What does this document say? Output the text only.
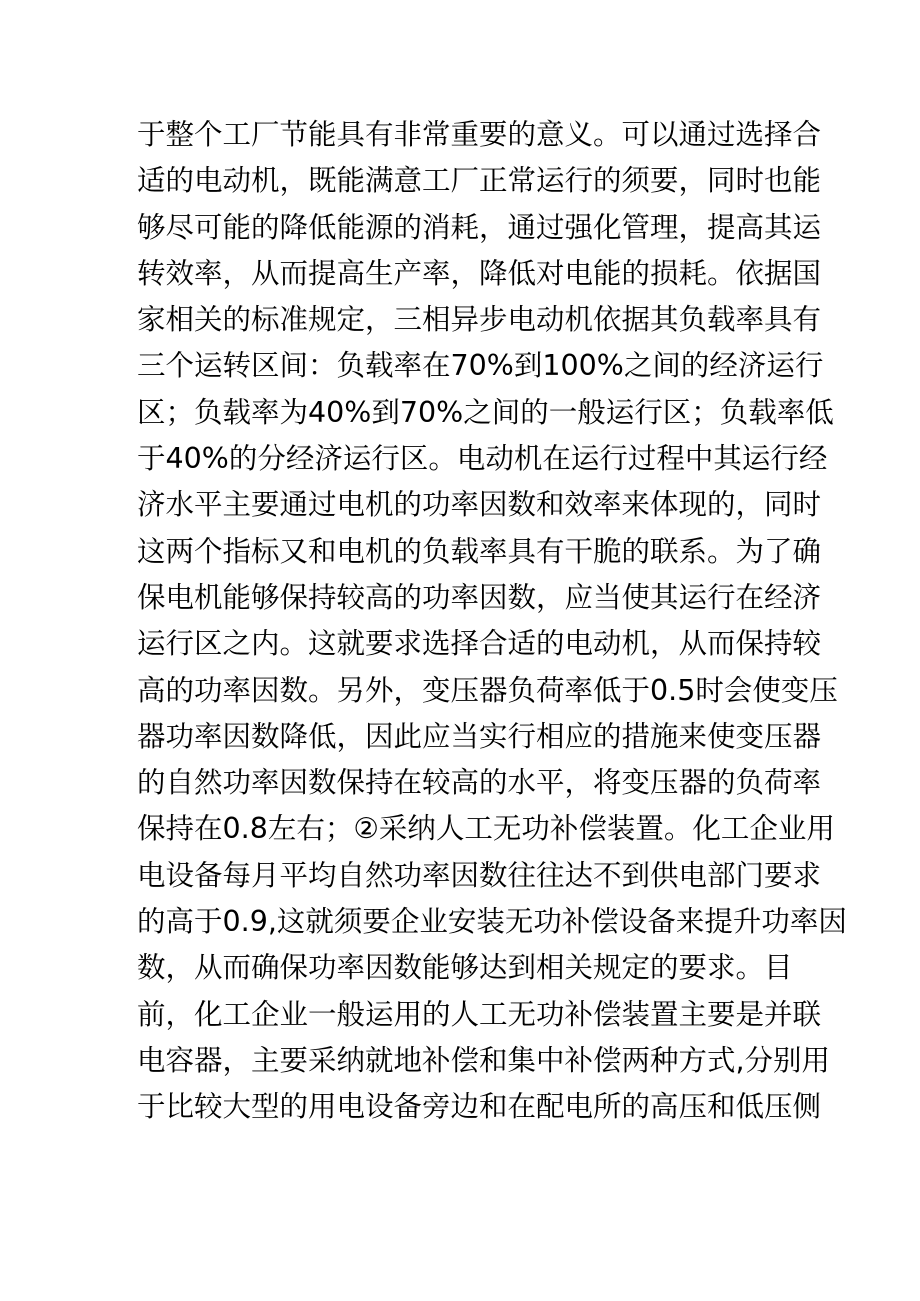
于整个工厂节能具有非常重要的意义。可以通过选择合
适的电动机，既能满意工厂正常运行的须要，同时也能
够尽可能的降低能源的消耗，通过强化管理，提高其运
转效率，从而提高生产率，降低对电能的损耗。依据国
家相关的标准规定，三相异步电动机依据其负载率具有
三个运转区间：负载率在70%到100%之间的经济运行
区；负载率为40%到70%之间的一般运行区；负载率低
于40%的分经济运行区。电动机在运行过程中其运行经
济水平主要通过电机的功率因数和效率来体现的，同时
这两个指标又和电机的负载率具有干脆的联系。为了确
保电机能够保持较高的功率因数，应当使其运行在经济
运行区之内。这就要求选择合适的电动机，从而保持较
高的功率因数。另外，变压器负荷率低于0.5时会使变压
器功率因数降低，因此应当实行相应的措施来使变压器
的自然功率因数保持在较高的水平，将变压器的负荷率
保持在0.8左右；②采纳人工无功补偿装置。化工企业用
电设备每月平均自然功率因数往往达不到供电部门要求
的高于0.9,这就须要企业安装无功补偿设备来提升功率因
数，从而确保功率因数能够达到相关规定的要求。目
前，化工企业一般运用的人工无功补偿装置主要是并联
电容器，主要采纳就地补偿和集中补偿两种方式,分别用
于比较大型的用电设备旁边和在配电所的高压和低压侧
